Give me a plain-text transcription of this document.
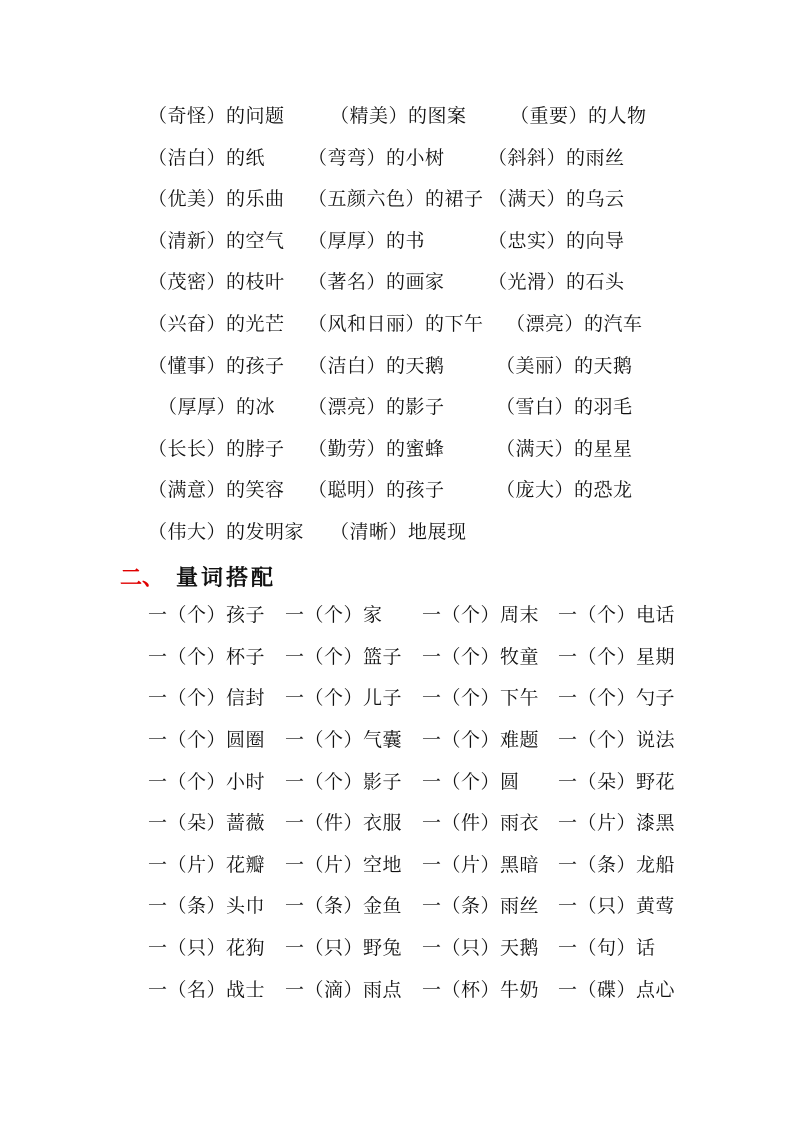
（奇怪）的问题 （精美）的图案 （重要）的人物
（洁白）的纸 （弯弯）的小树 （斜斜）的雨丝
（优美）的乐曲 （五颜六色）的裙子 （满天）的乌云
（清新）的空气 （厚厚）的书	（忠实）的向导
（茂密）的枝叶 （著名）的画家 （光滑）的石头
（兴奋）的光芒 （风和日丽）的下午 （漂亮）的汽车
（懂事）的孩子 （洁白）的天鹅	（美丽）的天鹅
（厚厚）的冰 （漂亮）的影子	（雪白）的羽毛
（长长）的脖子 （勤劳）的蜜蜂	（满天）的星星
（满意）的笑容 （聪明）的孩子	（庞大）的恐龙
（伟大）的发明家 （清晰）地展现
二、 量词搭配
一（个）孩子 一（个）家 一（个）周末 一（个）电话
一（个）杯子 一（个）篮子 一（个）牧童 一（个）星期
一（个）信封 一（个）儿子 一（个）下午 一（个）勺子
一（个）圆圈 一（个）气囊 一（个）难题 一（个）说法
一（个）小时 一（个）影子 一（个）圆 一（朵）野花
一（朵）蔷薇 一（件）衣服 一（件）雨衣 一（片）漆黑
一（片）花瓣 一（片）空地 一（片）黑暗 一（条）龙船
一（条）头巾 一（条）金鱼 一（条）雨丝 一（只）黄莺
一（只）花狗 一（只）野兔 一（只）天鹅 一（句）话
一（名）战士 一（滴）雨点 一（杯）牛奶 一（碟）点心
